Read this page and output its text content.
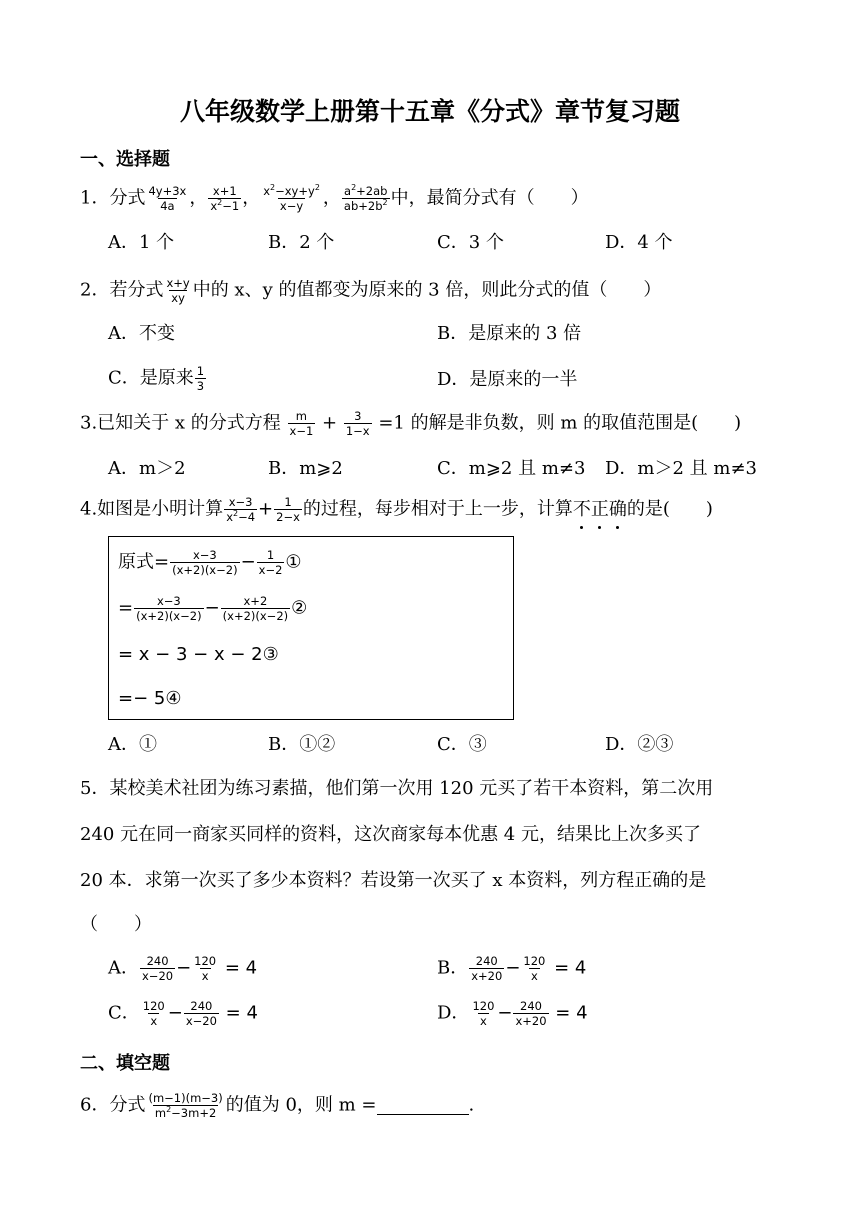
八年级数学上册第十五章《分式》章节复习题
一、选择题
1．分式 $\frac{4y+3x}{4a}$ ， $\frac{x+1}{x^2-1}$ ， $\frac{x^2-xy+y^2}{x-y}$ ， $\frac{a^2+2ab}{ab+2b^2}$ 中，最简分式有（　　）
A．1 个	B．2 个	C．3 个	D．4 个
2．若分式 $\frac{x+y}{xy}$ 中的 x、y 的值都变为原来的 3 倍，则此分式的值（　　）
A．不变	B．是原来的 3 倍
C．是原来 $\frac{1}{3}$	D．是原来的一半
3.已知关于 x 的分式方程 $\frac{m}{x-1} + \frac{3}{1-x} =1$ 的解是非负数，则 m 的取值范围是(　　)
A．m＞2	B．m⩾2	C．m⩾2 且 m≠3 D．m＞2 且 m≠3
4.如图是小明计算 $\frac{x-3}{x^2-4} + \frac{1}{2-x}$ 的过程，每步相对于上一步，计算不正确的是(　　)
原式= $\frac{x-3}{(x+2)(x-2)} - \frac{1}{x-2}$ ①
= $\frac{x-3}{(x+2)(x-2)} - \frac{x+2}{(x+2)(x-2)}$ ②
= x − 3 − x − 2③
=− 5④
A．①	B．①②	C．③	D．②③
5．某校美术社团为练习素描，他们第一次用 120 元买了若干本资料，第二次用
240 元在同一商家买同样的资料，这次商家每本优惠 4 元，结果比上次多买了
20 本．求第一次买了多少本资料？若设第一次买了 x 本资料，列方程正确的是
（　　）
A． $\frac{240}{x-20} - \frac{120}{x} = 4$	B． $\frac{240}{x+20} - \frac{120}{x} = 4$
C． $\frac{120}{x} - \frac{240}{x-20} = 4$	D． $\frac{120}{x} - \frac{240}{x+20} = 4$
二、填空题
6．分式 $\frac{(m-1)(m-3)}{m^2-3m+2}$ 的值为 0，则 m =	.
